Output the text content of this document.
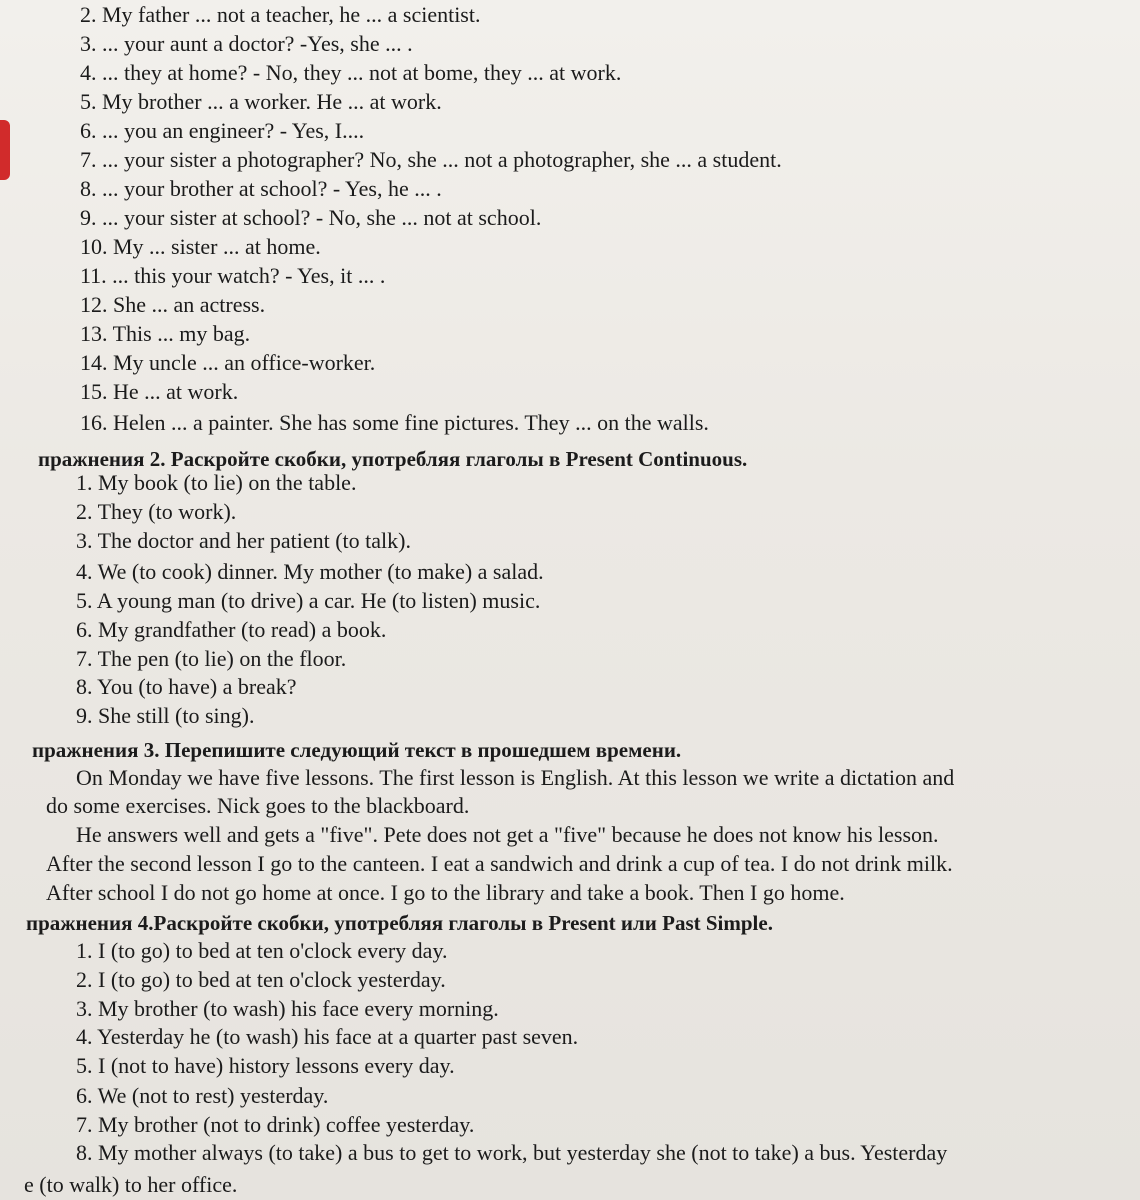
2. My father ... not a teacher, he ... a scientist.
3. ... your aunt a doctor? -Yes, she ... .
4. ... they at home? - No, they ... not at bome, they ... at work.
5. My brother ... a worker. He ... at work.
6. ... you an engineer? - Yes, I....
7. ... your sister a photographer? No, she ... not a photographer, she ... a student.
8. ... your brother at school? - Yes, he ... .
9. ... your sister at school? - No, she ... not at school.
10. My ... sister ... at home.
11. ... this your watch? - Yes, it ... .
12. She ... an actress.
13. This ... my bag.
14. My uncle ... an office-worker.
15. He ... at work.
16. Helen ... a painter. She has some fine pictures. They ... on the walls.
пражнения 2. Раскройте скобки, употребляя глаголы в Present Continuous.
1. My book (to lie) on the table.
2. They (to work).
3. The doctor and her patient (to talk).
4. We (to cook) dinner. My mother (to make) a salad.
5. A young man (to drive) a car. He (to listen) music.
6. My grandfather (to read) a book.
7. The pen (to lie) on the floor.
8. You (to have) a break?
9. She still (to sing).
пражнения 3. Перепишите следующий текст в прошедшем времени.
On Monday we have five lessons. The first lesson is English. At this lesson we write a dictation and
do some exercises. Nick goes to the blackboard.
He answers well and gets a "five". Pete does not get a "five" because he does not know his lesson.
After the second lesson I go to the canteen. I eat a sandwich and drink a cup of tea. I do not drink milk.
After school I do not go home at once. I go to the library and take a book. Then I go home.
пражнения 4.Раскройте скобки, употребляя глаголы в Present или Past Simple.
1. I (to go) to bed at ten o'clock every day.
2. I (to go) to bed at ten o'clock yesterday.
3. My brother (to wash) his face every morning.
4. Yesterday he (to wash) his face at a quarter past seven.
5. I (not to have) history lessons every day.
6. We (not to rest) yesterday.
7. My brother (not to drink) coffee yesterday.
8. My mother always (to take) a bus to get to work, but yesterday she (not to take) a bus. Yesterday
e (to walk) to her office.
